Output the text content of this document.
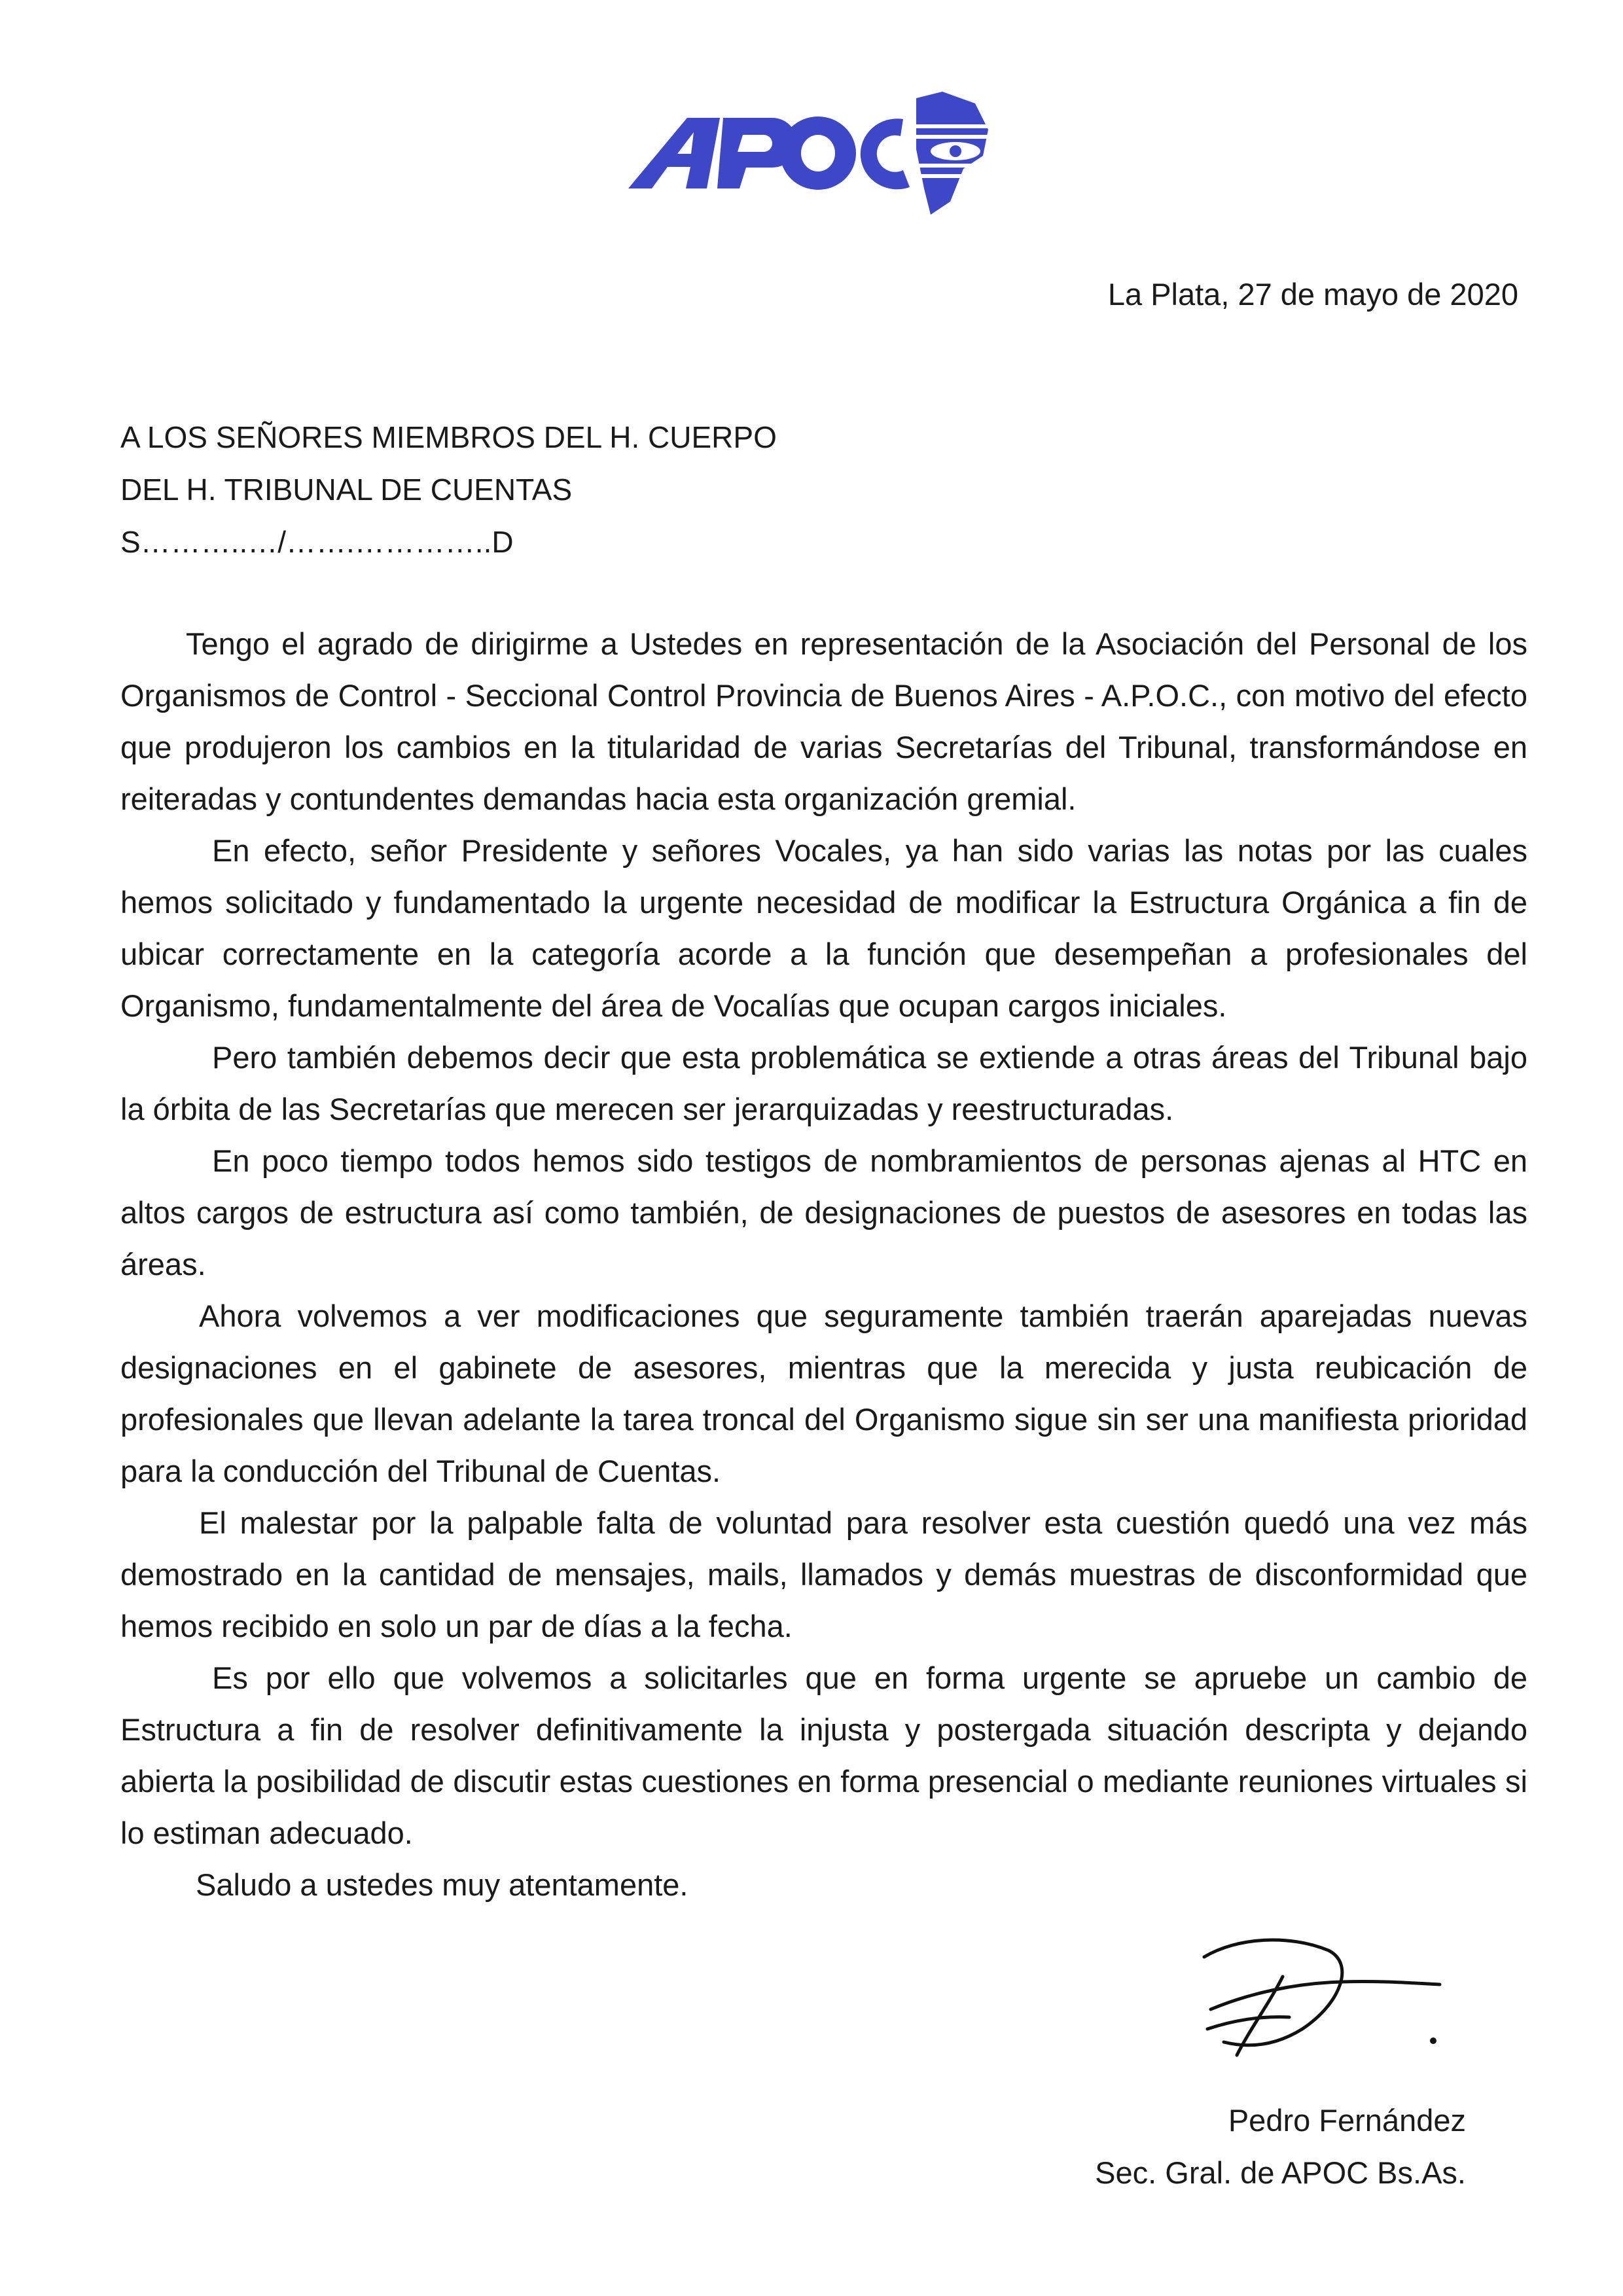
La Plata, 27 de mayo de 2020
A LOS SEÑORES MIEMBROS DEL H. CUERPO
DEL H. TRIBUNAL DE CUENTAS
S………..…/…….…………..D

Tengo el agrado de dirigirme a Ustedes en representación de la Asociación del Personal de los Organismos de Control - Seccional Control Provincia de Buenos Aires - A.P.O.C., con motivo del efecto que produjeron los cambios en la titularidad de varias Secretarías del Tribunal, transformándose en reiteradas y contundentes demandas hacia esta organización gremial.

En efecto, señor Presidente y señores Vocales, ya han sido varias las notas por las cuales hemos solicitado y fundamentado la urgente necesidad de modificar la Estructura Orgánica a fin de ubicar correctamente en la categoría acorde a la función que desempeñan a profesionales del Organismo, fundamentalmente del área de Vocalías que ocupan cargos iniciales.

Pero también debemos decir que esta problemática se extiende a otras áreas del Tribunal bajo la órbita de las Secretarías que merecen ser jerarquizadas y reestructuradas.

En poco tiempo todos hemos sido testigos de nombramientos de personas ajenas al HTC en altos cargos de estructura así como también, de designaciones de puestos de asesores en todas las áreas.

Ahora volvemos a ver modificaciones que seguramente también traerán aparejadas nuevas designaciones en el gabinete de asesores, mientras que la merecida y justa reubicación de profesionales que llevan adelante la tarea troncal del Organismo sigue sin ser una manifiesta prioridad para la conducción del Tribunal de Cuentas.

El malestar por la palpable falta de voluntad para resolver esta cuestión quedó una vez más demostrado en la cantidad de mensajes, mails, llamados y demás muestras de disconformidad que hemos recibido en solo un par de días a la fecha.

Es por ello que volvemos a solicitarles que en forma urgente se apruebe un cambio de Estructura a fin de resolver definitivamente la injusta y postergada situación descripta y dejando abierta la posibilidad de discutir estas cuestiones en forma presencial o mediante reuniones virtuales si lo estiman adecuado.

Saludo a ustedes muy atentamente.

Pedro Fernández
Sec. Gral. de APOC Bs.As.
